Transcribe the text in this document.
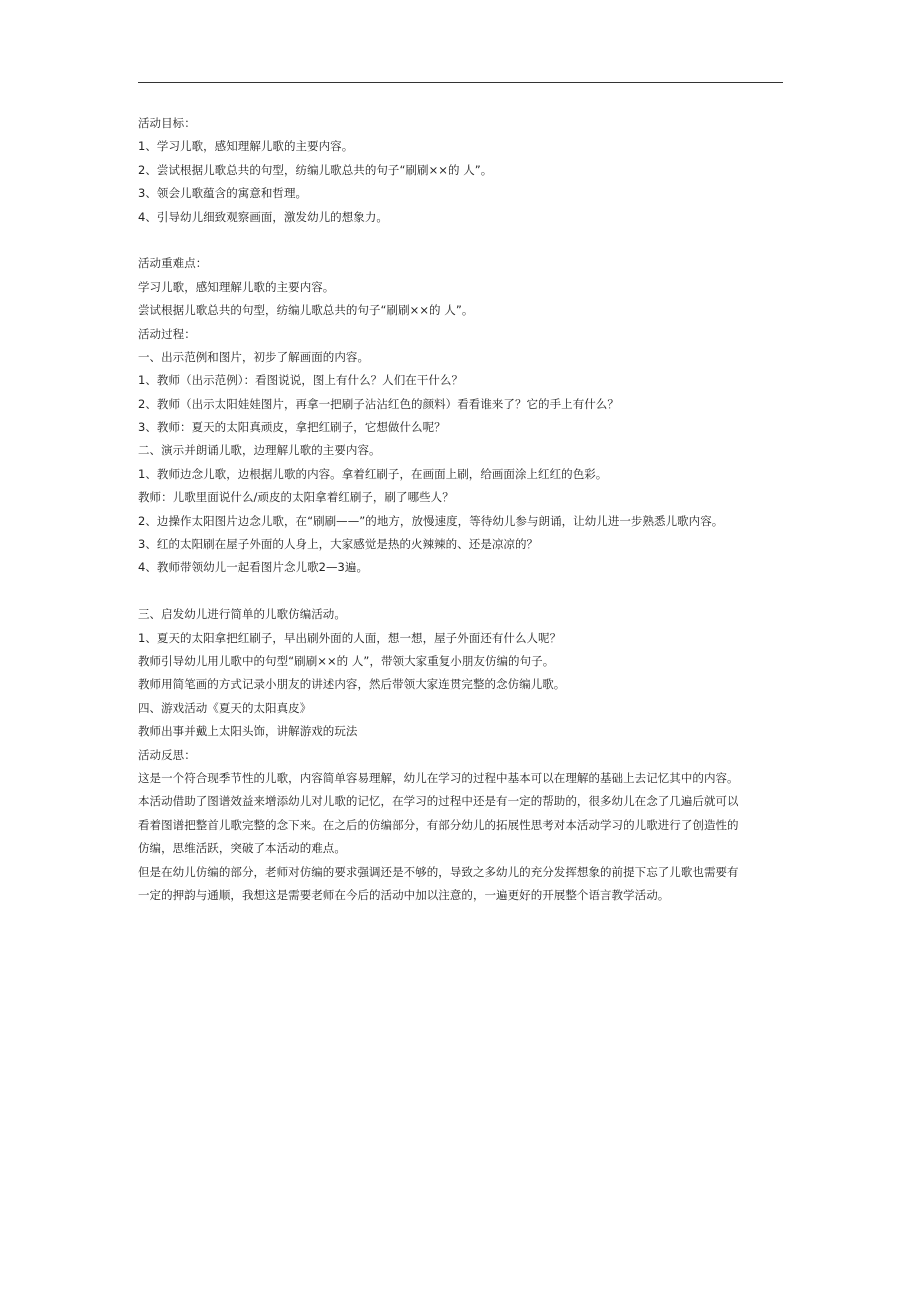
活动目标：
1、学习儿歌，感知理解儿歌的主要内容。
2、尝试根据儿歌总共的句型，纺编儿歌总共的句子“刷刷××的 人”。
3、领会儿歌蕴含的寓意和哲理。
4、引导幼儿细致观察画面，激发幼儿的想象力。
活动重难点：
学习儿歌，感知理解儿歌的主要内容。
尝试根据儿歌总共的句型，纺编儿歌总共的句子“刷刷××的 人”。
活动过程：
一、出示范例和图片，初步了解画面的内容。
1、教师（出示范例）：看图说说，图上有什么？人们在干什么？
2、教师（出示太阳娃娃图片，再拿一把刷子沾沾红色的颜料）看看谁来了？它的手上有什么？
3、教师：夏天的太阳真顽皮，拿把红刷子，它想做什么呢？
二、演示并朗诵儿歌，边理解儿歌的主要内容。
1、教师边念儿歌，边根据儿歌的内容。拿着红刷子，在画面上刷，给画面涂上红红的色彩。
教师：儿歌里面说什么/顽皮的太阳拿着红刷子，刷了哪些人？
2、边操作太阳图片边念儿歌，在“刷刷——”的地方，放慢速度，等待幼儿参与朗诵，让幼儿进一步熟悉儿歌内容。
3、红的太阳刷在屋子外面的人身上，大家感觉是热的火辣辣的、还是凉凉的？
4、教师带领幼儿一起看图片念儿歌2—3遍。
三、启发幼儿进行简单的儿歌仿编活动。
1、夏天的太阳拿把红刷子，早出刷外面的人面，想一想，屋子外面还有什么人呢？
教师引导幼儿用儿歌中的句型“刷刷××的 人”，带领大家重复小朋友仿编的句子。
教师用简笔画的方式记录小朋友的讲述内容，然后带领大家连贯完整的念仿编儿歌。
四、游戏活动《夏天的太阳真皮》
教师出事并戴上太阳头饰，讲解游戏的玩法
活动反思：
这是一个符合现季节性的儿歌，内容简单容易理解，幼儿在学习的过程中基本可以在理解的基础上去记忆其中的内容。
本活动借助了图谱效益来增添幼儿对儿歌的记忆，在学习的过程中还是有一定的帮助的，很多幼儿在念了几遍后就可以
看着图谱把整首儿歌完整的念下来。在之后的仿编部分，有部分幼儿的拓展性思考对本活动学习的儿歌进行了创造性的
仿编，思维活跃，突破了本活动的难点。
但是在幼儿仿编的部分，老师对仿编的要求强调还是不够的，导致之多幼儿的充分发挥想象的前提下忘了儿歌也需要有
一定的押韵与通顺，我想这是需要老师在今后的活动中加以注意的，一遍更好的开展整个语言教学活动。
